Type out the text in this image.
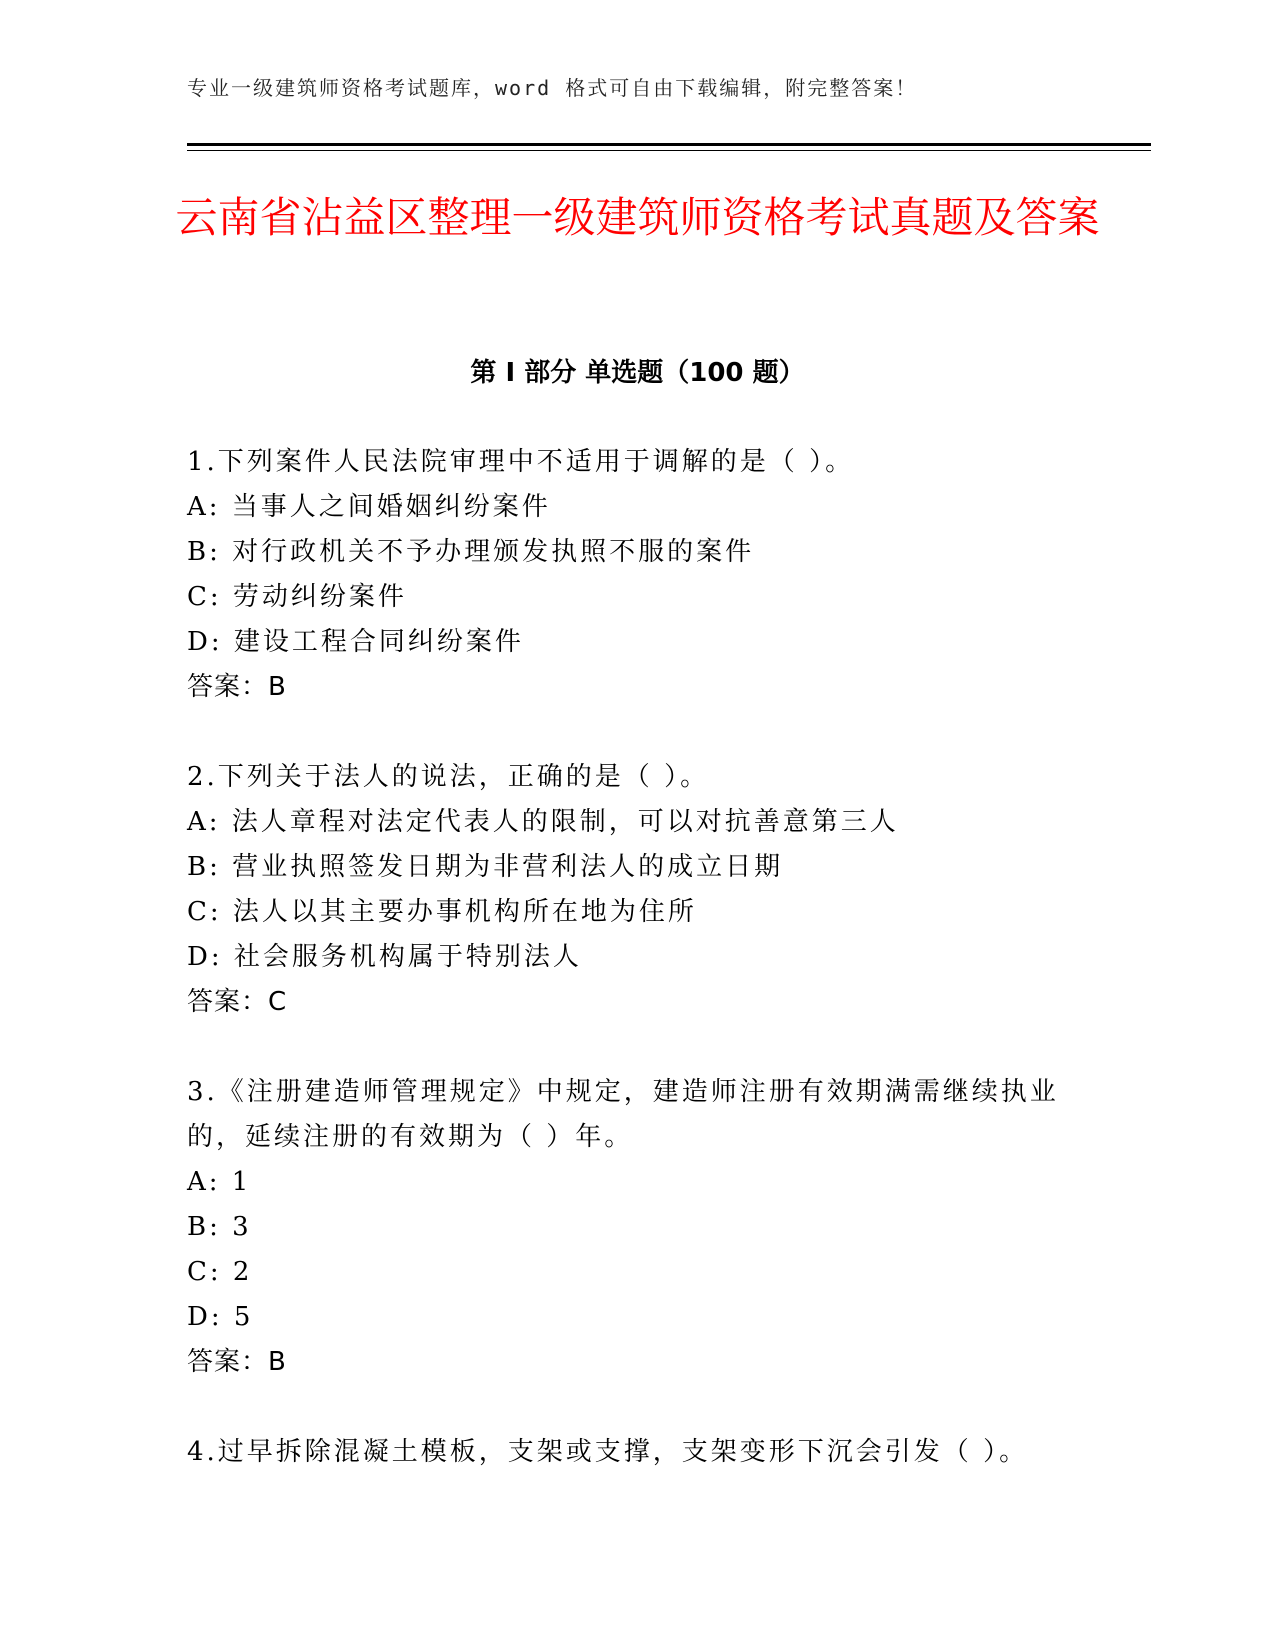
专业一级建筑师资格考试题库，word 格式可自由下载编辑，附完整答案！
云南省沾益区整理一级建筑师资格考试真题及答案
第 I 部分 单选题（100 题）

1.下列案件人民法院审理中不适用于调解的是（ ）。

A: 当事人之间婚姻纠纷案件
B: 对行政机关不予办理颁发执照不服的案件
C: 劳动纠纷案件
D: 建设工程合同纠纷案件
答案：B

2.下列关于法人的说法，正确的是（ ）。

A: 法人章程对法定代表人的限制，可以对抗善意第三人
B: 营业执照签发日期为非营利法人的成立日期
C: 法人以其主要办事机构所在地为住所
D: 社会服务机构属于特别法人
答案：C

3.《注册建造师管理规定》中规定，建造师注册有效期满需继续执业的，延续注册的有效期为（ ）年。

A: 1
B: 3
C: 2
D: 5
答案：B

4.过早拆除混凝土模板，支架或支撑，支架变形下沉会引发（ ）。
